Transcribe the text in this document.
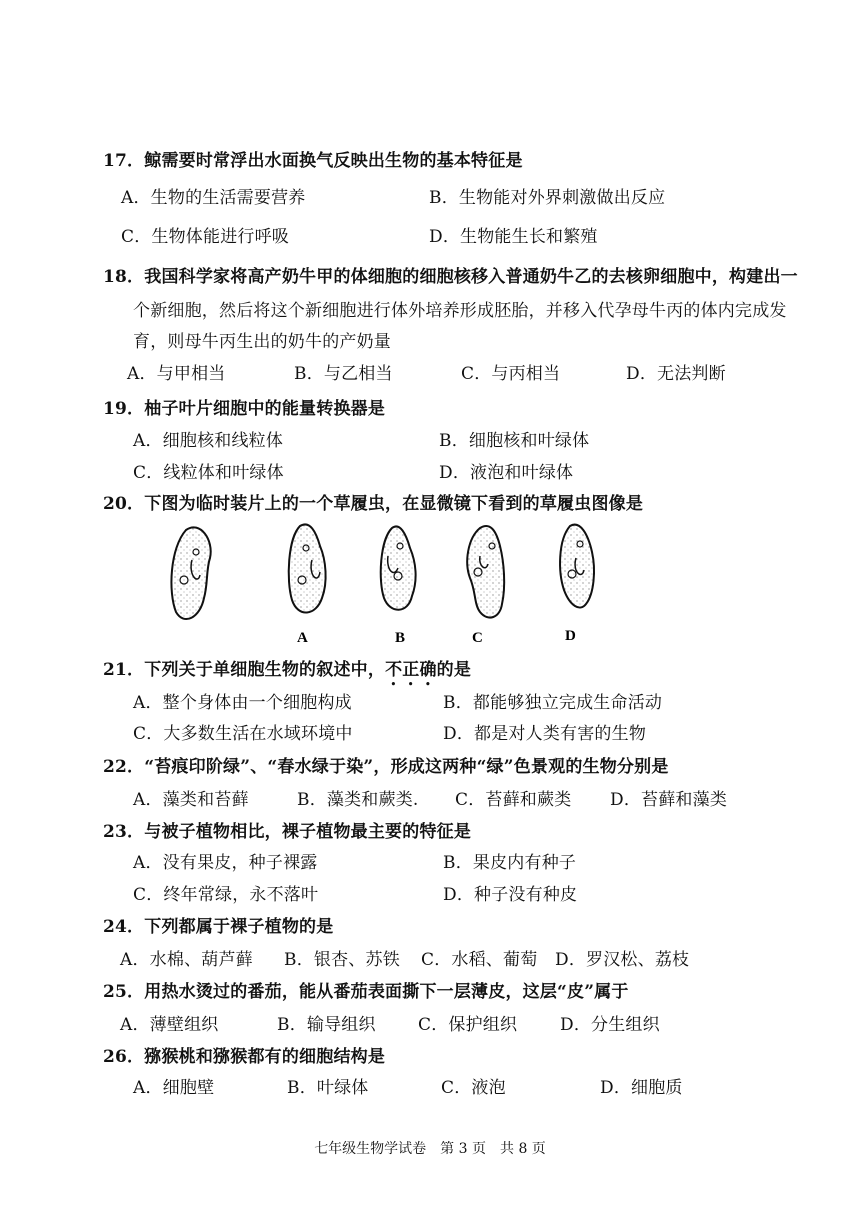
17．鲸需要时常浮出水面换气反映出生物的基本特征是
A．生物的生活需要营养	B．生物能对外界刺激做出反应
C．生物体能进行呼吸	D．生物能生长和繁殖
18．我国科学家将高产奶牛甲的体细胞的细胞核移入普通奶牛乙的去核卵细胞中，构建出一
个新细胞，然后将这个新细胞进行体外培养形成胚胎，并移入代孕母牛丙的体内完成发
育，则母牛丙生出的奶牛的产奶量
A．与甲相当	B．与乙相当	C．与丙相当	D．无法判断
19．柚子叶片细胞中的能量转换器是
A．细胞核和线粒体	B．细胞核和叶绿体
C．线粒体和叶绿体	D．液泡和叶绿体
20．下图为临时装片上的一个草履虫，在显微镜下看到的草履虫图像是
A	B	C	D
21．下列关于单细胞生物的叙述中，不正确的是
A．整个身体由一个细胞构成	B．都能够独立完成生命活动
C．大多数生活在水域环境中	D．都是对人类有害的生物
22．“苔痕印阶绿”、“春水绿于染”，形成这两种“绿”色景观的生物分别是
A．藻类和苔藓	B．藻类和蕨类. C．苔藓和蕨类 D．苔藓和藻类
23．与被子植物相比，裸子植物最主要的特征是
A．没有果皮，种子裸露	B．果皮内有种子
C．终年常绿，永不落叶	D．种子没有种皮
24．下列都属于裸子植物的是
A．水棉、葫芦藓 B．银杏、苏铁 C．水稻、葡萄 D．罗汉松、荔枝
25．用热水烫过的番茄，能从番茄表面撕下一层薄皮，这层“皮”属于
A．薄壁组织	B．输导组织 C．保护组织	D．分生组织
26．猕猴桃和猕猴都有的细胞结构是
A．细胞壁	B．叶绿体	C．液泡	D．细胞质
七年级生物学试卷　第 3 页　共 8 页
